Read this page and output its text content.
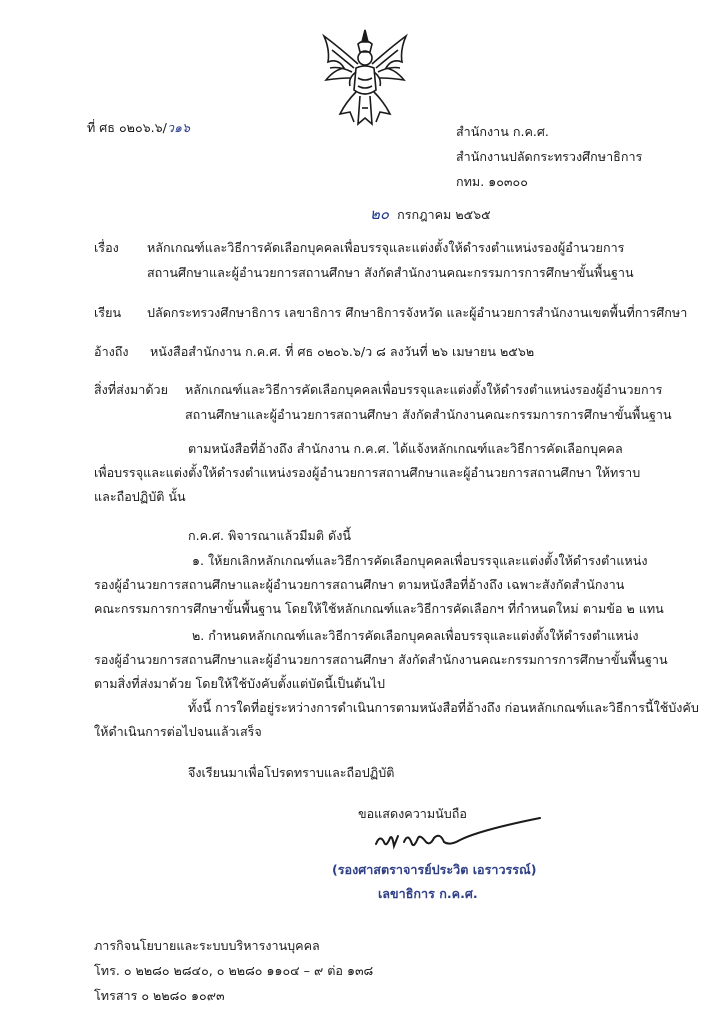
ที่ ศธ ๐๒๐๖.๖/ว๑๖	สำนักงาน ก.ค.ศ.
สำนักงานปลัดกระทรวงศึกษาธิการ
กทม. ๑๐๓๐๐
๒๐ กรกฎาคม ๒๕๖๕
เรื่อง หลักเกณฑ์และวิธีการคัดเลือกบุคคลเพื่อบรรจุและแต่งตั้งให้ดำรงตำแหน่งรองผู้อำนวยการ
สถานศึกษาและผู้อำนวยการสถานศึกษา สังกัดสำนักงานคณะกรรมการการศึกษาขั้นพื้นฐาน
เรียน ปลัดกระทรวงศึกษาธิการ เลขาธิการ ศึกษาธิการจังหวัด และผู้อำนวยการสำนักงานเขตพื้นที่การศึกษา
อ้างถึง หนังสือสำนักงาน ก.ค.ศ. ที่ ศธ ๐๒๐๖.๖/ว ๘ ลงวันที่ ๒๖ เมษายน ๒๕๖๒
สิ่งที่ส่งมาด้วย หลักเกณฑ์และวิธีการคัดเลือกบุคคลเพื่อบรรจุและแต่งตั้งให้ดำรงตำแหน่งรองผู้อำนวยการ
สถานศึกษาและผู้อำนวยการสถานศึกษา สังกัดสำนักงานคณะกรรมการการศึกษาขั้นพื้นฐาน
ตามหนังสือที่อ้างถึง สำนักงาน ก.ค.ศ. ได้แจ้งหลักเกณฑ์และวิธีการคัดเลือกบุคคล
เพื่อบรรจุและแต่งตั้งให้ดำรงตำแหน่งรองผู้อำนวยการสถานศึกษาและผู้อำนวยการสถานศึกษา ให้ทราบ
และถือปฏิบัติ นั้น
ก.ค.ศ. พิจารณาแล้วมีมติ ดังนี้
๑. ให้ยกเลิกหลักเกณฑ์และวิธีการคัดเลือกบุคคลเพื่อบรรจุและแต่งตั้งให้ดำรงตำแหน่ง
รองผู้อำนวยการสถานศึกษาและผู้อำนวยการสถานศึกษา ตามหนังสือที่อ้างถึง เฉพาะสังกัดสำนักงาน
คณะกรรมการการศึกษาขั้นพื้นฐาน โดยให้ใช้หลักเกณฑ์และวิธีการคัดเลือกฯ ที่กำหนดใหม่ ตามข้อ ๒ แทน
๒. กำหนดหลักเกณฑ์และวิธีการคัดเลือกบุคคลเพื่อบรรจุและแต่งตั้งให้ดำรงตำแหน่ง
รองผู้อำนวยการสถานศึกษาและผู้อำนวยการสถานศึกษา สังกัดสำนักงานคณะกรรมการการศึกษาขั้นพื้นฐาน
ตามสิ่งที่ส่งมาด้วย โดยให้ใช้บังคับตั้งแต่บัดนี้เป็นต้นไป
ทั้งนี้ การใดที่อยู่ระหว่างการดำเนินการตามหนังสือที่อ้างถึง ก่อนหลักเกณฑ์และวิธีการนี้ใช้บังคับ
ให้ดำเนินการต่อไปจนแล้วเสร็จ
จึงเรียนมาเพื่อโปรดทราบและถือปฏิบัติ
ขอแสดงความนับถือ
(รองศาสตราจารย์ประวิต เอราวรรณ์)
เลขาธิการ ก.ค.ศ.
ภารกิจนโยบายและระบบบริหารงานบุคคล
โทร. ๐ ๒๒๘๐ ๒๘๔๐, ๐ ๒๒๘๐ ๑๑๐๔ – ๙ ต่อ ๑๓๘
โทรสาร ๐ ๒๒๘๐ ๑๐๙๓
